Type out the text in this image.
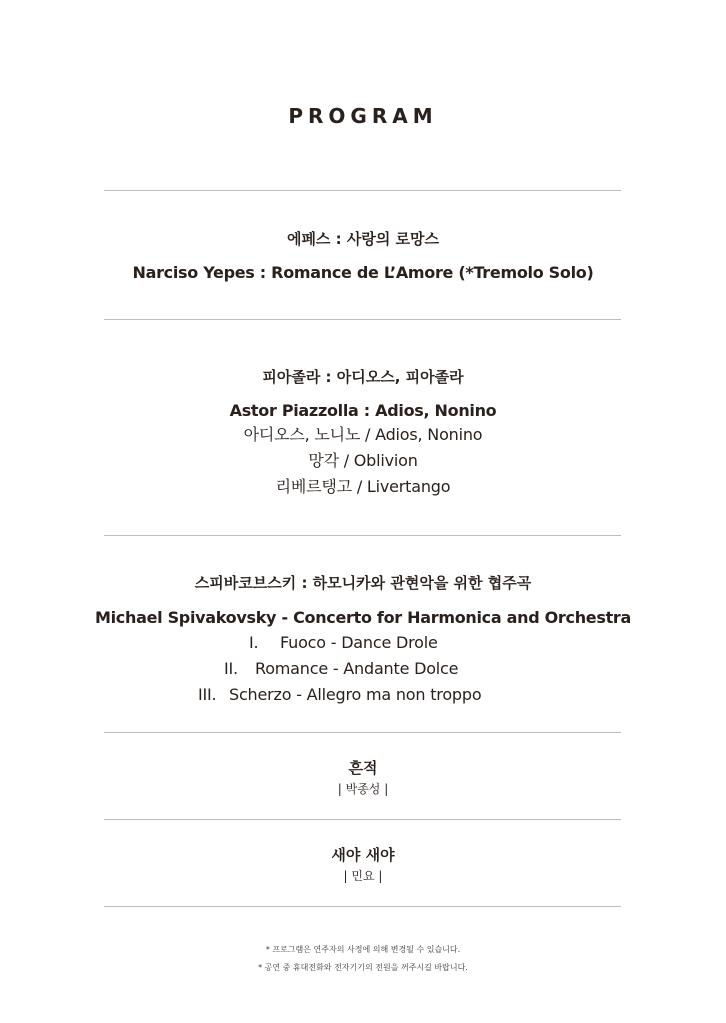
PROGRAM
에페스 : 사랑의 로망스
Narciso Yepes : Romance de L’Amore (*Tremolo Solo)
피아졸라 : 아디오스, 피아졸라
Astor Piazzolla : Adios, Nonino
아디오스, 노니노 / Adios, Nonino
망각 / Oblivion
리베르탱고 / Livertango
스피바코브스키 : 하모니카와 관현악을 위한 협주곡
Michael Spivakovsky - Concerto for Harmonica and Orchestra
I. Fuoco - Dance Drole
II. Romance - Andante Dolce
III. Scherzo - Allegro ma non troppo
흔적
| 박종성 |
새야 새야
| 민요 |
* 프로그램은 연주자의 사정에 의해 변경될 수 있습니다.
* 공연 중 휴대전화와 전자기기의 전원을 꺼주시길 바랍니다.
